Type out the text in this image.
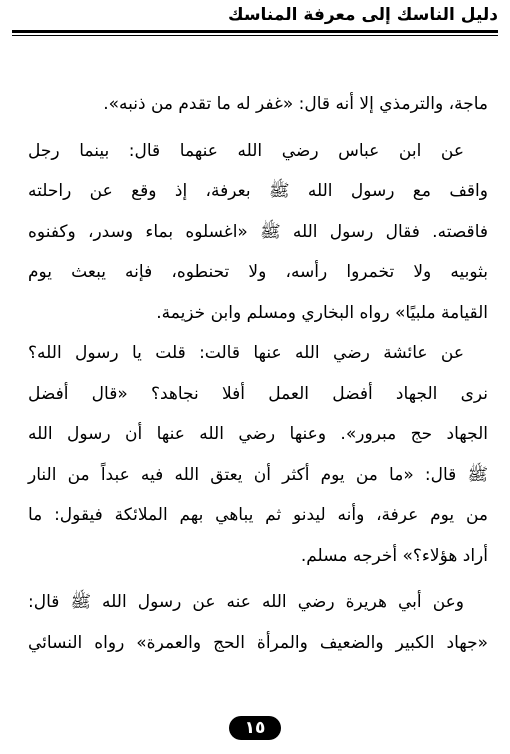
دليل الناسك إلى معرفة المناسك
ماجة، والترمذي إلا أنه قال: «غفر له ما تقدم من ذنبه».
عن ابن عباس رضي الله عنهما قال: بينما رجل
واقف مع رسول الله ﷺ بعرفة، إذ وقع عن راحلته
فاقصته. فقال رسول الله ﷺ «اغسلوه بماء وسدر، وكفنوه
بثوبيه ولا تخمروا رأسه، ولا تحنطوه، فإنه يبعث يوم
القيامة ملبيًا» رواه البخاري ومسلم وابن خزيمة.
عن عائشة رضي الله عنها قالت: قلت يا رسول الله؟
نرى الجهاد أفضل العمل أفلا نجاهد؟ «قال أفضل
الجهاد حج مبرور». وعنها رضي الله عنها أن رسول الله
ﷺ قال: «ما من يوم أكثر أن يعتق الله فيه عبداً من النار
من يوم عرفة، وأنه ليدنو ثم يباهي بهم الملائكة فيقول: ما
أراد هؤلاء؟» أخرجه مسلم.
وعن أبي هريرة رضي الله عنه عن رسول الله ﷺ قال:
«جهاد الكبير والضعيف والمرأة الحج والعمرة» رواه النسائي
١٥
